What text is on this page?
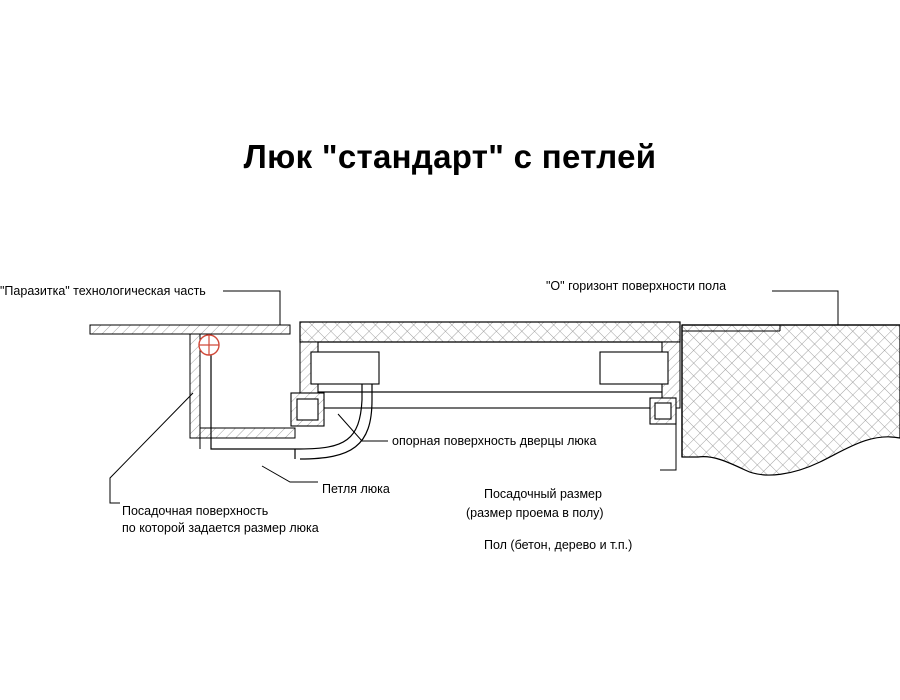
Люк "стандарт" с петлей
"Паразитка" технологическая часть	"О" горизонт поверхности пола
опорная поверхность дверцы люка
Петля люка
Посадочная поверхность
по которой задается размер люка
Посадочный размер
(размер проема в полу)
Пол (бетон, дерево и т.п.)
